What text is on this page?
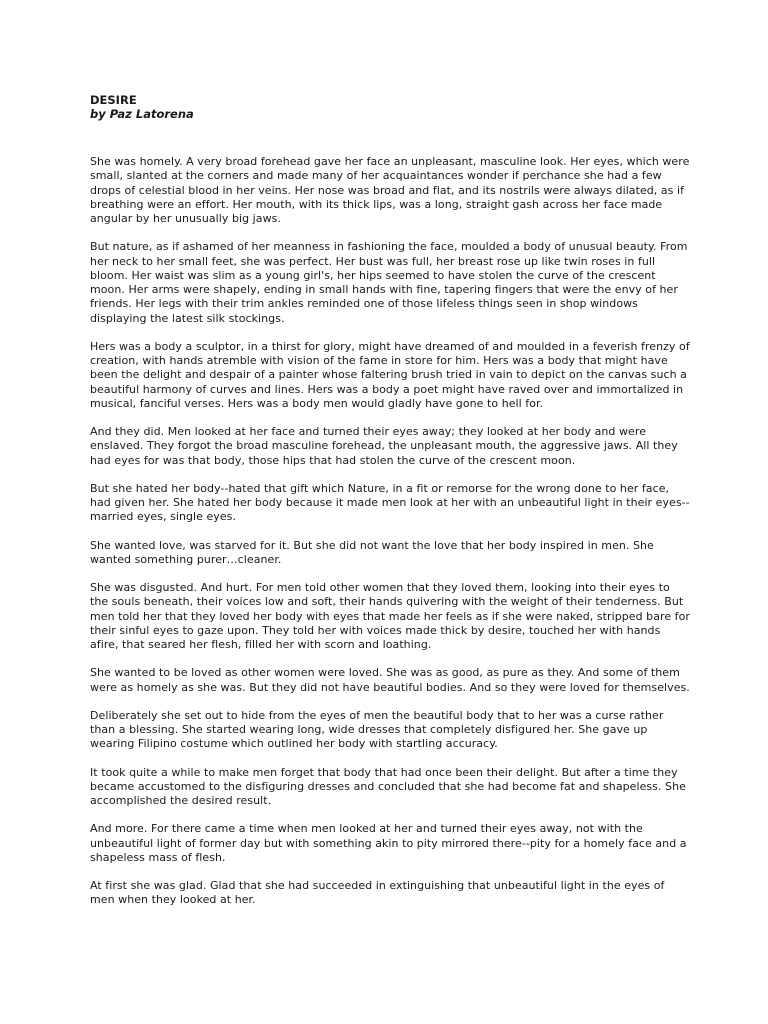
DESIRE
by Paz Latorena

She was homely. A very broad forehead gave her face an unpleasant, masculine look. Her eyes, which were small, slanted at the corners and made many of her acquaintances wonder if perchance she had a few drops of celestial blood in her veins. Her nose was broad and flat, and its nostrils were always dilated, as if breathing were an effort. Her mouth, with its thick lips, was a long, straight gash across her face made angular by her unusually big jaws.

But nature, as if ashamed of her meanness in fashioning the face, moulded a body of unusual beauty. From her neck to her small feet, she was perfect. Her bust was full, her breast rose up like twin roses in full bloom. Her waist was slim as a young girl's, her hips seemed to have stolen the curve of the crescent moon. Her arms were shapely, ending in small hands with fine, tapering fingers that were the envy of her friends. Her legs with their trim ankles reminded one of those lifeless things seen in shop windows displaying the latest silk stockings.

Hers was a body a sculptor, in a thirst for glory, might have dreamed of and moulded in a feverish frenzy of creation, with hands atremble with vision of the fame in store for him. Hers was a body that might have been the delight and despair of a painter whose faltering brush tried in vain to depict on the canvas such a beautiful harmony of curves and lines. Hers was a body a poet might have raved over and immortalized in musical, fanciful verses. Hers was a body men would gladly have gone to hell for.

And they did. Men looked at her face and turned their eyes away; they looked at her body and were enslaved. They forgot the broad masculine forehead, the unpleasant mouth, the aggressive jaws. All they had eyes for was that body, those hips that had stolen the curve of the crescent moon.

But she hated her body--hated that gift which Nature, in a fit or remorse for the wrong done to her face, had given her. She hated her body because it made men look at her with an unbeautiful light in their eyes--married eyes, single eyes.

She wanted love, was starved for it. But she did not want the love that her body inspired in men. She wanted something purer…cleaner.

She was disgusted. And hurt. For men told other women that they loved them, looking into their eyes to the souls beneath, their voices low and soft, their hands quivering with the weight of their tenderness. But men told her that they loved her body with eyes that made her feels as if she were naked, stripped bare for their sinful eyes to gaze upon. They told her with voices made thick by desire, touched her with hands afire, that seared her flesh, filled her with scorn and loathing.

She wanted to be loved as other women were loved. She was as good, as pure as they. And some of them were as homely as she was. But they did not have beautiful bodies. And so they were loved for themselves.

Deliberately she set out to hide from the eyes of men the beautiful body that to her was a curse rather than a blessing. She started wearing long, wide dresses that completely disfigured her. She gave up wearing Filipino costume which outlined her body with startling accuracy.

It took quite a while to make men forget that body that had once been their delight. But after a time they became accustomed to the disfiguring dresses and concluded that she had become fat and shapeless. She accomplished the desired result.

And more. For there came a time when men looked at her and turned their eyes away, not with the unbeautiful light of former day but with something akin to pity mirrored there--pity for a homely face and a shapeless mass of flesh.

At first she was glad. Glad that she had succeeded in extinguishing that unbeautiful light in the eyes of men when they looked at her.
